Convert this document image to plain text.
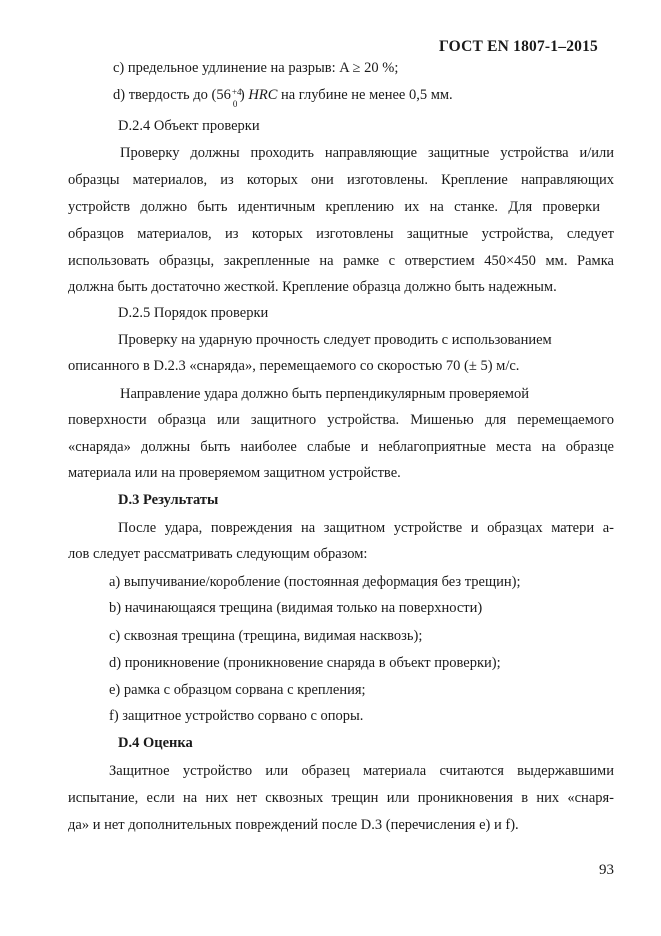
ГОСТ EN 1807-1–2015
c) предельное удлинение на разрыв: A ≥ 20 %;
d) твердость до (56 +4
0
) HRC на глубине не менее 0,5 мм.
D.2.4 Объект проверки
Проверку должны проходить направляющие защитные устройства и/или
образцы материалов, из которых они изготовлены. Крепление направляющих
устройств должно быть идентичным креплению их на станке. Для проверки
образцов материалов, из которых изготовлены защитные устройства, следует
использовать образцы, закрепленные на рамке с отверстием 450×450 мм. Рамка
должна быть достаточно жесткой. Крепление образца должно быть надежным.
D.2.5 Порядок проверки
Проверку на ударную прочность следует проводить с использованием
описанного в D.2.3 «снаряда», перемещаемого со скоростью 70 (± 5) м/с.
Направление удара должно быть перпендикулярным проверяемой
поверхности образца или защитного устройства. Мишенью для перемещаемого
«снаряда» должны быть наиболее слабые и неблагоприятные места на образце
материала или на проверяемом защитном устройстве.
D.3 Результаты
После удара, повреждения на защитном устройстве и образцах матери а-
лов следует рассматривать следующим образом:
a) выпучивание/коробление (постоянная деформация без трещин);
b) начинающаяся трещина (видимая только на поверхности)
c) сквозная трещина (трещина, видимая насквозь);
d) проникновение (проникновение снаряда в объект проверки);
e) рамка с образцом сорвана с крепления;
f) защитное устройство сорвано с опоры.
D.4 Оценка
Защитное устройство или образец материала считаются выдержавшими
испытание, если на них нет сквозных трещин или проникновения в них «снаря-
да» и нет дополнительных повреждений после D.3 (перечисления е) и f).
93
